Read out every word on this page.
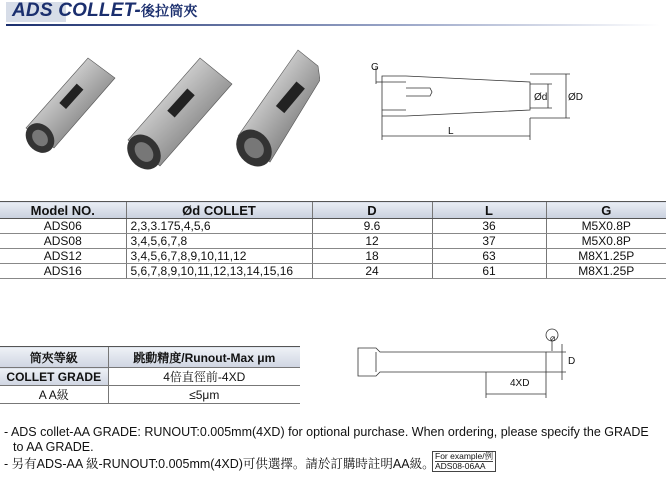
ADS COLLET-後拉筒夾
G
Ød ØD
L
Model NO.	Ød COLLET	D	L	G
ADS06	2,3,3.175,4,5,6	9.6	36	M5X0.8P
ADS08	3,4,5,6,7,8	12	37	M5X0.8P
ADS12	3,4,5,6,7,8,9,10,11,12	18	63	M8X1.25P
ADS16	5,6,7,8,9,10,11,12,13,14,15,16	24	61	M8X1.25P
筒夾等級	跳動精度/Runout-Max μm
COLLET GRADE	4倍直徑前-4XD
A A級	≤5μm
⌀
D
4XD
- ADS collet-AA GRADE: RUNOUT:0.005mm(4XD) for optional purchase. When ordering, please specify the GRADE
to AA GRADE.
- 另有ADS-AA 級-RUNOUT:0.005mm(4XD)可供選擇。請於訂購時註明AA級。
For example/例
ADS08-06AA
